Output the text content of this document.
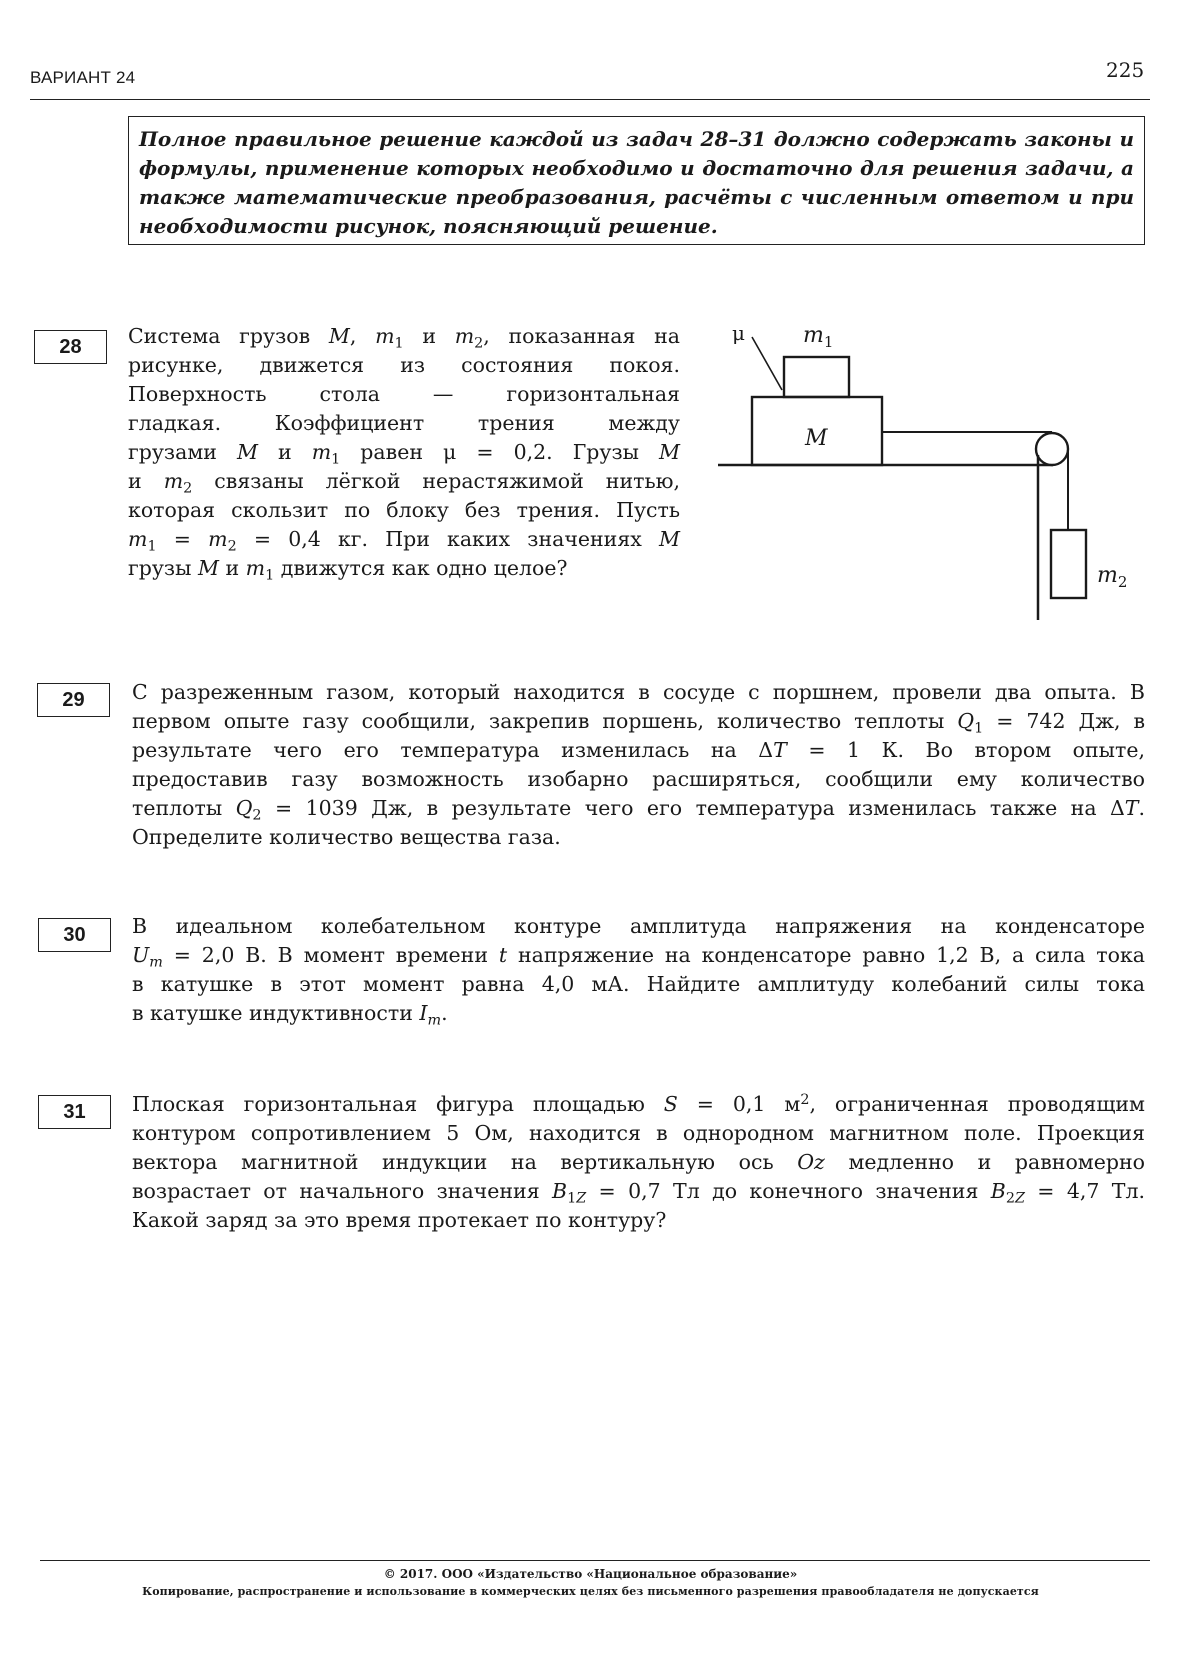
ВАРИАНТ 24	225
Полное правильное решение каждой из задач 28–31 должно содержать законы и формулы, применение которых необходимо и достаточно для решения задачи, а также математические преобразования, расчёты с численным ответом и при необходимости рисунок, поясняющий решение.
28	Система грузов M, $m_1$ и $m_2$, показанная на
рисунке, движется из состояния покоя.
Поверхность стола — горизонтальная
гладкая. Коэффициент трения между
грузами M и $m_1$ равен μ = 0,2. Грузы M
и $m_2$ связаны лёгкой нерастяжимой нитью,
которая скользит по блоку без трения. Пусть
$m_1 = m_2 = 0,4$ кг. При каких значениях M
грузы M и $m_1$ движутся как одно целое?
μ
M
$m_1$
$m_2$
29	С разреженным газом, который находится в сосуде с поршнем, провели два опыта. В
первом опыте газу сообщили, закрепив поршень, количество теплоты $Q_1 = 742$ Дж, в
результате чего его температура изменилась на ΔT = 1 К. Во втором опыте,
предоставив газу возможность изобарно расширяться, сообщили ему количество
теплоты $Q_2 = 1039$ Дж, в результате чего его температура изменилась также на ΔT.
Определите количество вещества газа.
30	В идеальном колебательном контуре амплитуда напряжения на конденсаторе
$U_m = 2,0$ В. В момент времени t напряжение на конденсаторе равно 1,2 В, а сила тока
в катушке в этот момент равна 4,0 мА. Найдите амплитуду колебаний силы тока
в катушке индуктивности $I_m$.
31	Плоская горизонтальная фигура площадью S = 0,1 $м^2$, ограниченная проводящим
контуром сопротивлением 5 Ом, находится в однородном магнитном поле. Проекция
вектора магнитной индукции на вертикальную ось Oz медленно и равномерно
возрастает от начального значения $B_{1Z} = 0,7$ Тл до конечного значения $B_{2Z} = 4,7$ Тл.
Какой заряд за это время протекает по контуру?
© 2017. ООО «Издательство «Национальное образование»
Копирование, распространение и использование в коммерческих целях без письменного разрешения правообладателя не допускается
